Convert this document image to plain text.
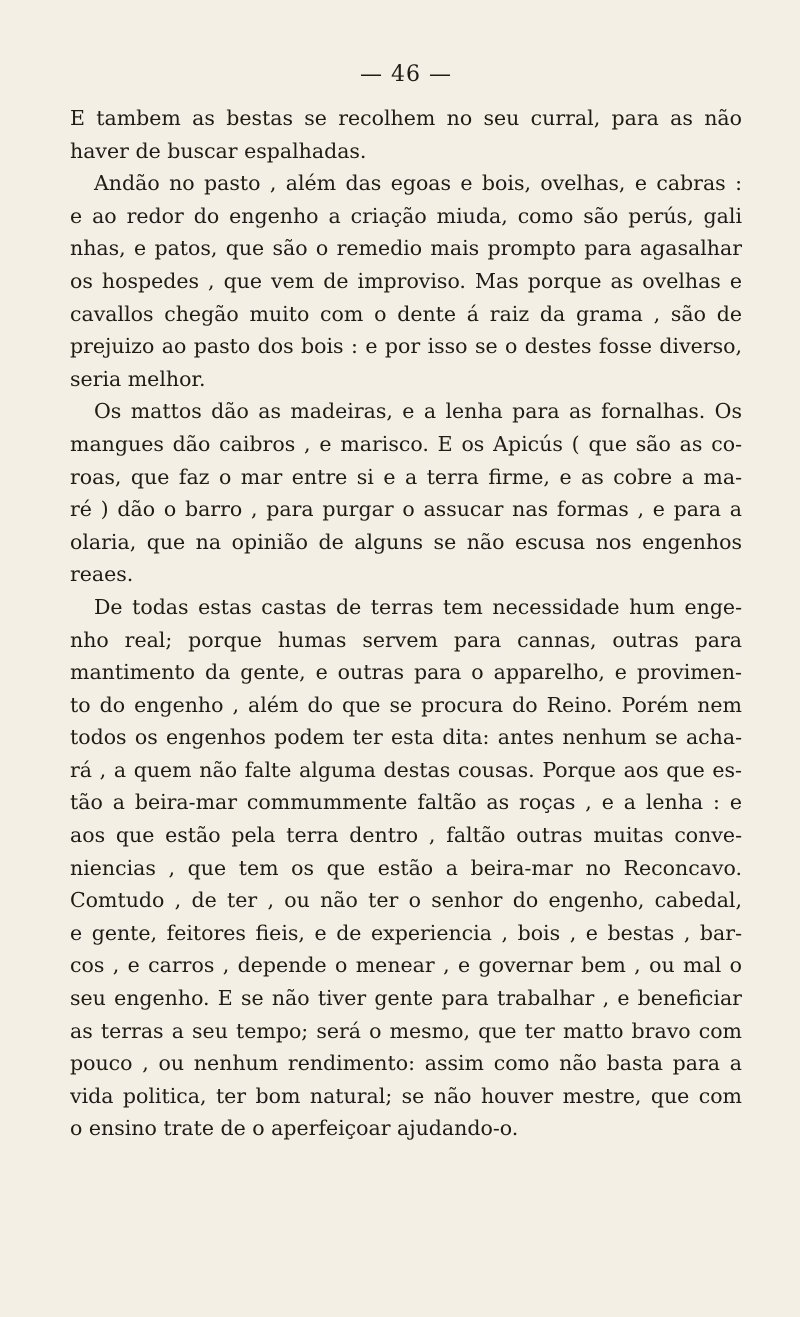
— 46 —
E tambem as bestas se recolhem no seu curral, para as não
haver de buscar espalhadas.
Andão no pasto , além das egoas e bois, ovelhas, e cabras :
e ao redor do engenho a criação miuda, como são perús, gali
nhas, e patos, que são o remedio mais prompto para agasalhar
os hospedes , que vem de improviso. Mas porque as ovelhas e
cavallos chegão muito com o dente á raiz da grama , são de
prejuizo ao pasto dos bois : e por isso se o destes fosse diverso,
seria melhor.
Os mattos dão as madeiras, e a lenha para as fornalhas. Os
mangues dão caibros , e marisco. E os Apicús ( que são as co-
roas, que faz o mar entre si e a terra firme, e as cobre a ma-
ré ) dão o barro , para purgar o assucar nas formas , e para a
olaria, que na opinião de alguns se não escusa nos engenhos
reaes.
De todas estas castas de terras tem necessidade hum enge-
nho real; porque humas servem para cannas, outras para
mantimento da gente, e outras para o apparelho, e provimen-
to do engenho , além do que se procura do Reino. Porém nem
todos os engenhos podem ter esta dita: antes nenhum se acha-
rá , a quem não falte alguma destas cousas. Porque aos que es-
tão a beira-mar commummente faltão as roças , e a lenha : e
aos que estão pela terra dentro , faltão outras muitas conve-
niencias , que tem os que estão a beira-mar no Reconcavo.
Comtudo , de ter , ou não ter o senhor do engenho, cabedal,
e gente, feitores fieis, e de experiencia , bois , e bestas , bar-
cos , e carros , depende o menear , e governar bem , ou mal o
seu engenho. E se não tiver gente para trabalhar , e beneficiar
as terras a seu tempo; será o mesmo, que ter matto bravo com
pouco , ou nenhum rendimento: assim como não basta para a
vida politica, ter bom natural; se não houver mestre, que com
o ensino trate de o aperfeiçoar ajudando-o.
